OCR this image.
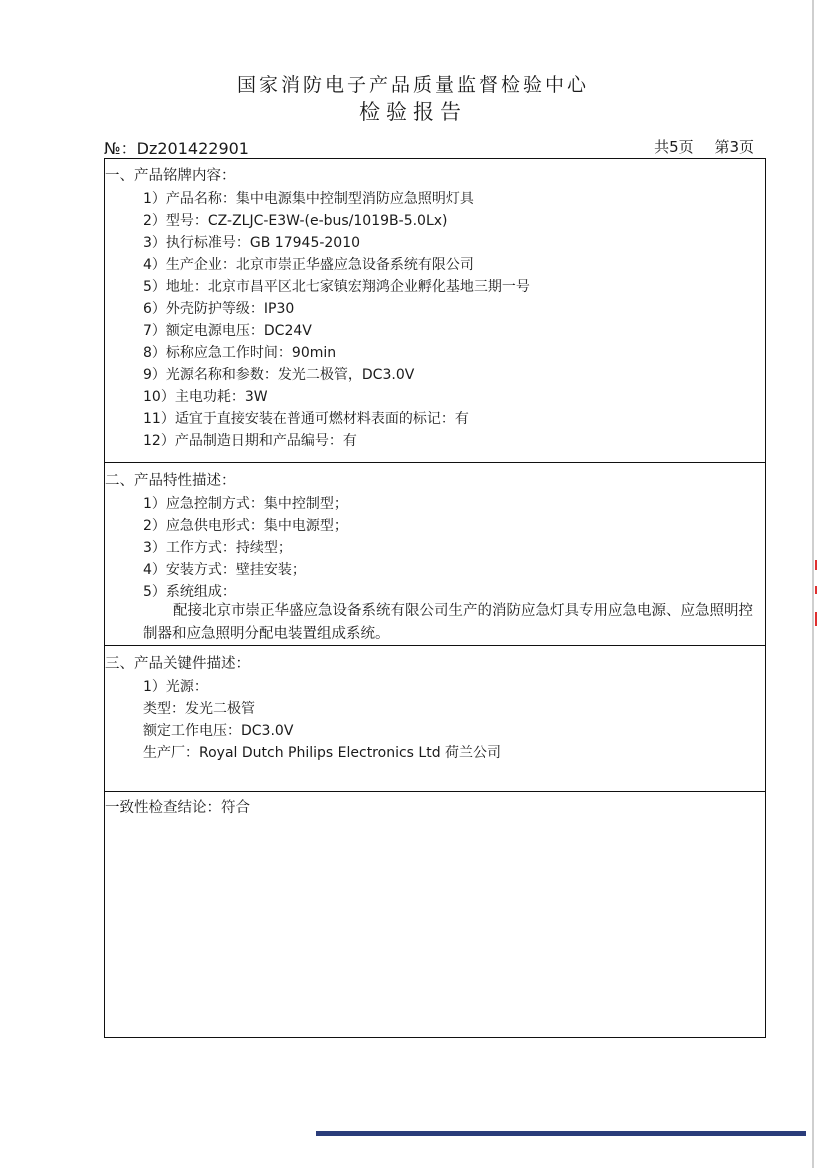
国家消防电子产品质量监督检验中心
检验报告
№：Dz201422901	共5页 第3页
一、产品铭牌内容：
1）产品名称：集中电源集中控制型消防应急照明灯具
2）型号：CZ-ZLJC-E3W-(e-bus/1019B-5.0Lx)
3）执行标准号：GB 17945-2010
4）生产企业：北京市崇正华盛应急设备系统有限公司
5）地址：北京市昌平区北七家镇宏翔鸿企业孵化基地三期一号
6）外壳防护等级：IP30
7）额定电源电压：DC24V
8）标称应急工作时间：90min
9）光源名称和参数：发光二极管，DC3.0V
10）主电功耗：3W
11）适宜于直接安装在普通可燃材料表面的标记：有
12）产品制造日期和产品编号：有
二、产品特性描述：
1）应急控制方式：集中控制型；
2）应急供电形式：集中电源型；
3）工作方式：持续型；
4）安装方式：壁挂安装；
5）系统组成：
配接北京市崇正华盛应急设备系统有限公司生产的消防应急灯具专用应急电源、应急照明控制器和应急照明分配电装置组成系统。
三、产品关键件描述：
1）光源：
类型：发光二极管
额定工作电压：DC3.0V
生产厂：Royal Dutch Philips Electronics Ltd 荷兰公司
一致性检查结论：符合
